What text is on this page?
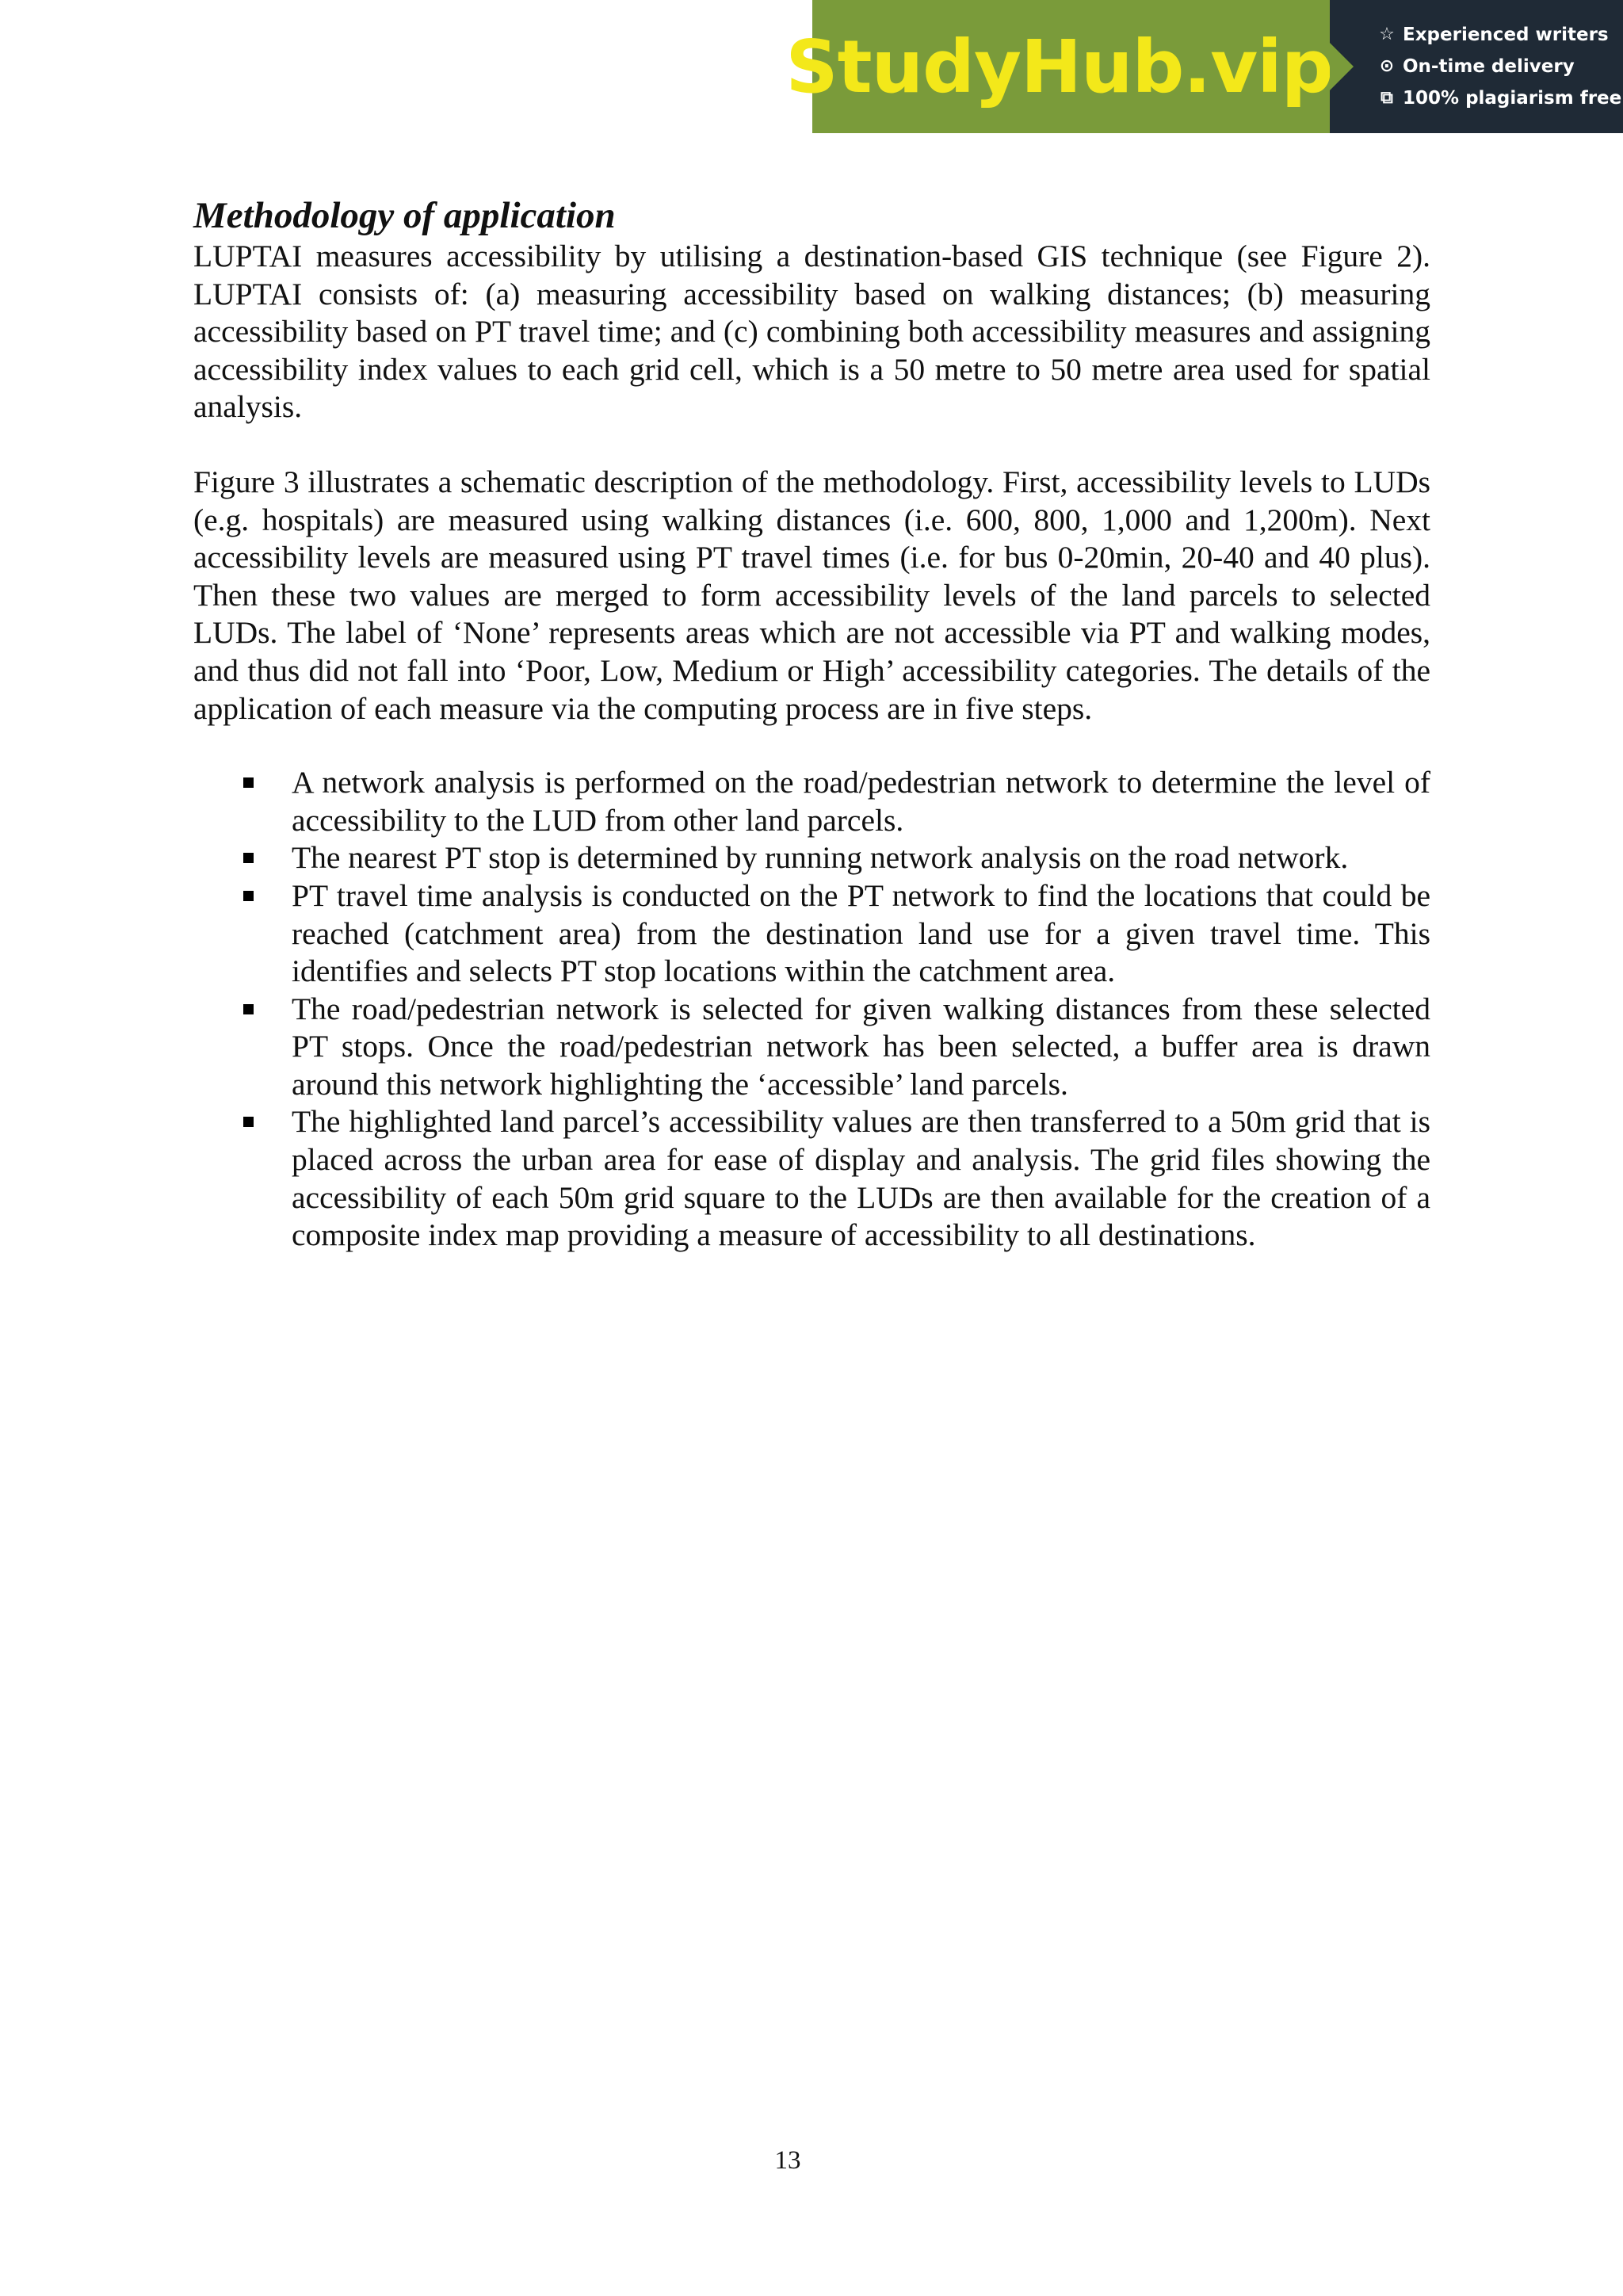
StudyHub.vip	☆ Experienced writers
⊙ On-time delivery
⧉ 100% plagiarism free
Methodology of application

LUPTAI measures accessibility by utilising a destination-based GIS technique (see Figure 2). LUPTAI consists of: (a) measuring accessibility based on walking distances; (b) measuring accessibility based on PT travel time; and (c) combining both accessibility measures and assigning accessibility index values to each grid cell, which is a 50 metre to 50 metre area used for spatial analysis.

Figure 3 illustrates a schematic description of the methodology. First, accessibility levels to LUDs (e.g. hospitals) are measured using walking distances (i.e. 600, 800, 1,000 and 1,200m). Next accessibility levels are measured using PT travel times (i.e. for bus 0-20min, 20-40 and 40 plus). Then these two values are merged to form accessibility levels of the land parcels to selected LUDs. The label of ‘None’ represents areas which are not accessible via PT and walking modes, and thus did not fall into ‘Poor, Low, Medium or High’ accessibility categories. The details of the application of each measure via the computing process are in five steps.

A network analysis is performed on the road/pedestrian network to determine the level of accessibility to the LUD from other land parcels.
The nearest PT stop is determined by running network analysis on the road network.
PT travel time analysis is conducted on the PT network to find the locations that could be reached (catchment area) from the destination land use for a given travel time. This identifies and selects PT stop locations within the catchment area.
The road/pedestrian network is selected for given walking distances from these selected PT stops. Once the road/pedestrian network has been selected, a buffer area is drawn around this network highlighting the ‘accessible’ land parcels.
The highlighted land parcel’s accessibility values are then transferred to a 50m grid that is placed across the urban area for ease of display and analysis. The grid files showing the accessibility of each 50m grid square to the LUDs are then available for the creation of a composite index map providing a measure of accessibility to all destinations.
13
